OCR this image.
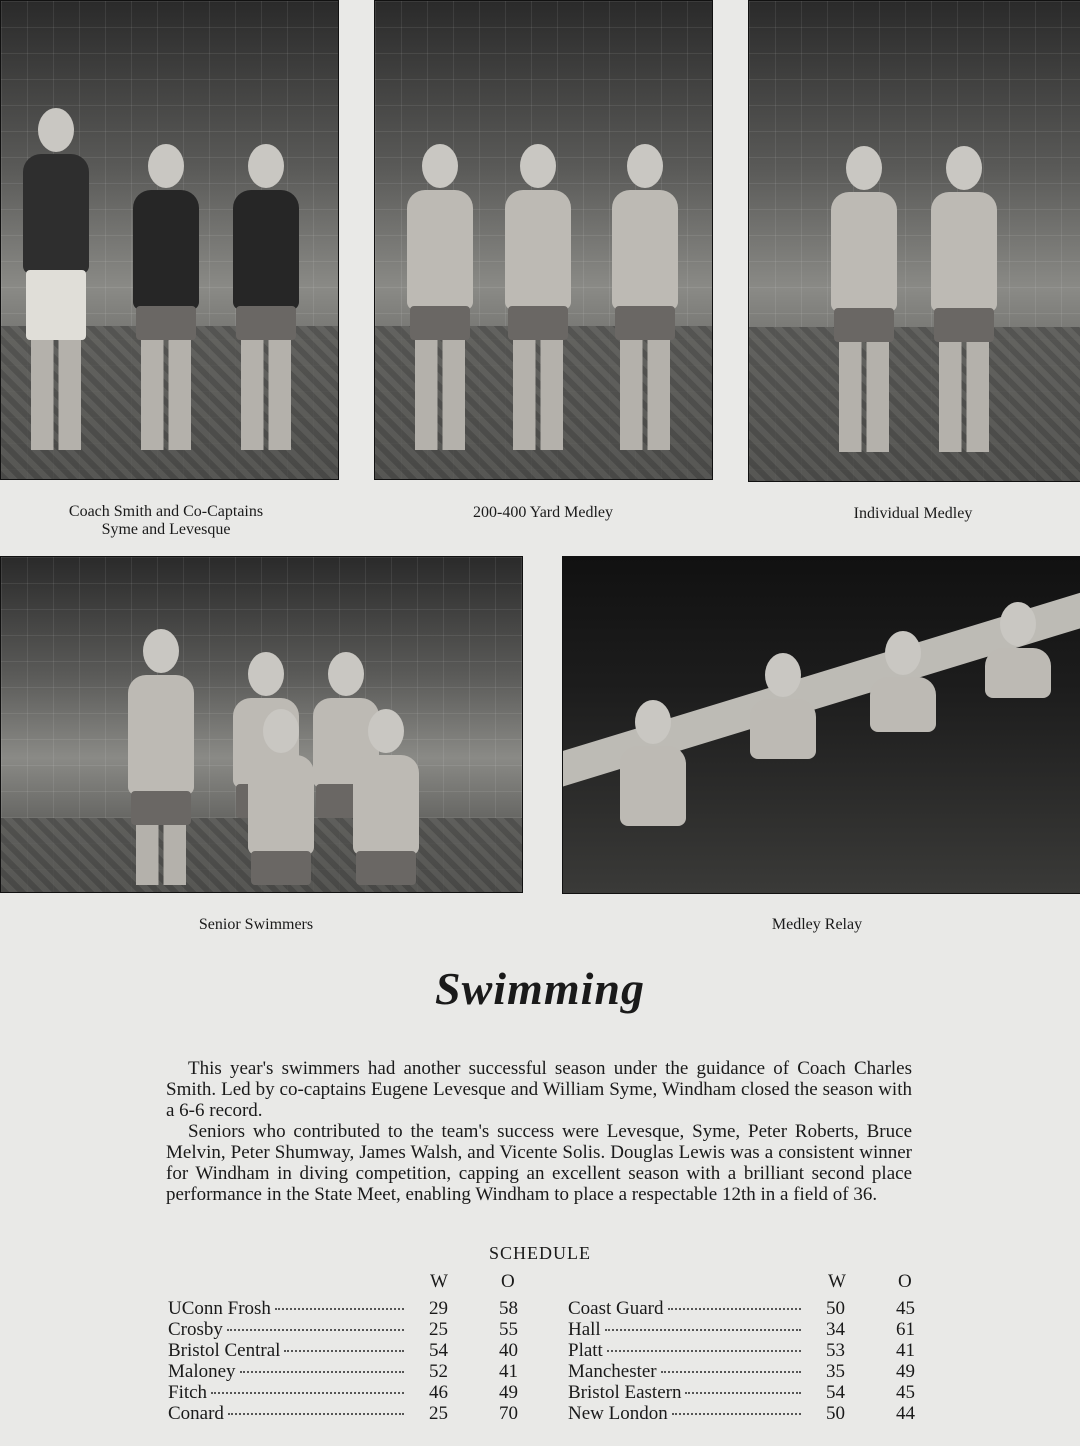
Coach Smith and Co-Captains
Syme and Levesque
200-400 Yard Medley	Individual Medley
Senior Swimmers	Medley Relay
Swimming

This year's swimmers had another successful season under the guidance of Coach Charles Smith. Led by co-captains Eugene Levesque and William Syme, Windham closed the season with a 6-6 record.

Seniors who contributed to the team's success were Levesque, Syme, Peter Roberts, Bruce Melvin, Peter Shumway, James Walsh, and Vicente Solis. Douglas Lewis was a consistent winner for Windham in diving competition, capping an excellent season with a brilliant second place performance in the State Meet, enabling Windham to place a respectable 12th in a field of 36.

SCHEDULE
W	O	W	O
UConn Frosh	29	58
Crosby	25	55
Bristol Central	54	40
Maloney	52	41
Fitch	46	49
Conard	25	70
Coast Guard	50	45
Hall	34	61
Platt	53	41
Manchester	35	49
Bristol Eastern	54	45
New London	50	44
